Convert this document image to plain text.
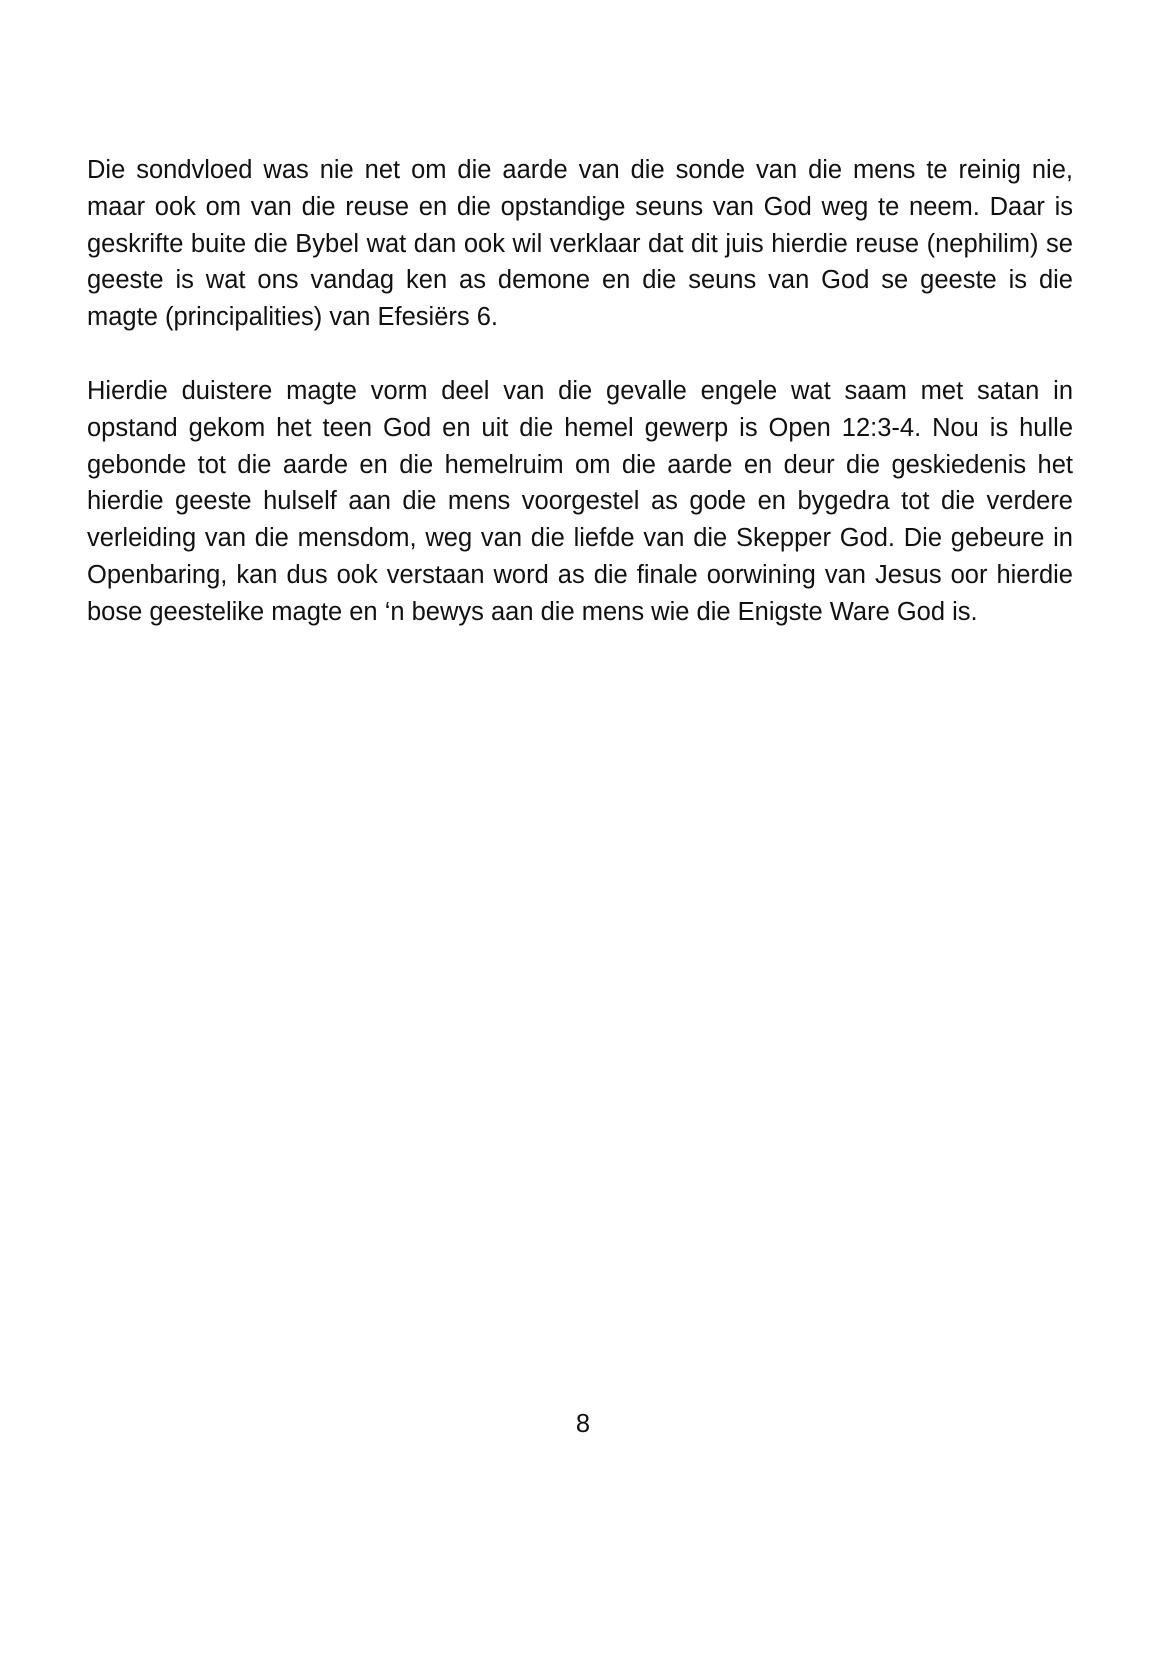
Die sondvloed was nie net om die aarde van die sonde van die mens te reinig nie, maar ook om van die reuse en die opstandige seuns van God weg te neem. Daar is geskrifte buite die Bybel wat dan ook wil verklaar dat dit juis hierdie reuse (nephilim) se geeste is wat ons vandag ken as demone en die seuns van God se geeste is die magte (principalities) van Efesiërs 6.

Hierdie duistere magte vorm deel van die gevalle engele wat saam met satan in opstand gekom het teen God en uit die hemel gewerp is Open 12:3-4. Nou is hulle gebonde tot die aarde en die hemelruim om die aarde en deur die geskiedenis het hierdie geeste hulself aan die mens voorgestel as gode en bygedra tot die verdere verleiding van die mensdom, weg van die liefde van die Skepper God. Die gebeure in Openbaring, kan dus ook verstaan word as die finale oorwining van Jesus oor hierdie bose geestelike magte en ‘n bewys aan die mens wie die Enigste Ware God is.

8
